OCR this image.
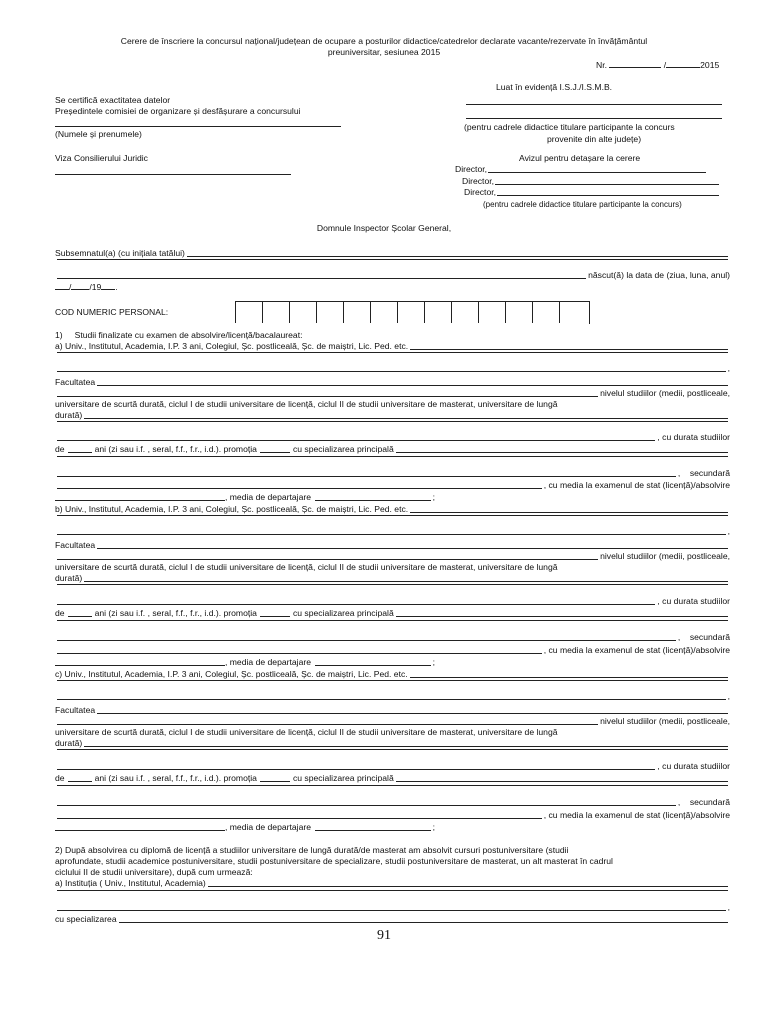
Cerere de înscriere la concursul național/județean de ocupare a posturilor didactice/catedrelor declarate vacante/rezervate în învățământul
preuniversitar, sesiunea 2015
Nr.	/	2015
Luat în evidență I.S.J./I.S.M.B.
(pentru cadrele didactice titulare participante la concurs
provenite din alte județe)
Avizul pentru detașare la cerere
Director,
Director,
Director,
(pentru cadrele didactice titulare participante la concurs)
Se certifică exactitatea datelor
Președintele comisiei de organizare și desfășurare a concursului
(Numele și prenumele)
Viza Consilierului Juridic
Domnule Inspector Școlar General,
Subsemnatul(a) (cu inițiala tatălui)
născut(ă) la data de (ziua, luna, anul)
/ /19 .
COD NUMERIC PERSONAL:
1) Studii finalizate cu examen de absolvire/licență/bacalaureat:
a) Univ., Institutul, Academia, I.P. 3 ani, Colegiul, Șc. postliceală, Șc. de maiștri, Lic. Ped. etc.
,
Facultatea
nivelul studiilor (medii, postliceale,
universitare de scurtă durată, ciclul I de studii universitare de licență, ciclul II de studii universitare de masterat, universitare de lungă
durată)
, cu durata studiilor
de	ani (zi sau i.f. , seral, f.f., f.r., i.d.). promoția	cu specializarea principală
,
secundară
, cu media la examenul de stat (licență)/absolvire
, media de departajare	;
b) Univ., Institutul, Academia, I.P. 3 ani, Colegiul, Șc. postliceală, Șc. de maiștri, Lic. Ped. etc.
,
Facultatea
nivelul studiilor (medii, postliceale,
universitare de scurtă durată, ciclul I de studii universitare de licență, ciclul II de studii universitare de masterat, universitare de lungă
durată)
, cu durata studiilor
de	ani (zi sau i.f. , seral, f.f., f.r., i.d.). promoția	cu specializarea principală
,
secundară
, cu media la examenul de stat (licență)/absolvire
, media de departajare	;
c) Univ., Institutul, Academia, I.P. 3 ani, Colegiul, Șc. postliceală, Șc. de maiștri, Lic. Ped. etc.
,
Facultatea
nivelul studiilor (medii, postliceale,
universitare de scurtă durată, ciclul I de studii universitare de licență, ciclul II de studii universitare de masterat, universitare de lungă
durată)
, cu durata studiilor
de	ani (zi sau i.f. , seral, f.f., f.r., i.d.). promoția	cu specializarea principală
,
secundară
, cu media la examenul de stat (licență)/absolvire
, media de departajare	;
2) După absolvirea cu diplomă de licență a studiilor universitare de lungă durată/de masterat am absolvit cursuri postuniversitare (studii
aprofundate, studii academice postuniversitare, studii postuniversitare de specializare, studii postuniversitare de masterat, un alt masterat în cadrul
ciclului II de studii universitare), după cum urmează:
a) Instituția ( Univ., Institutul, Academia)
,
cu specializarea
91
